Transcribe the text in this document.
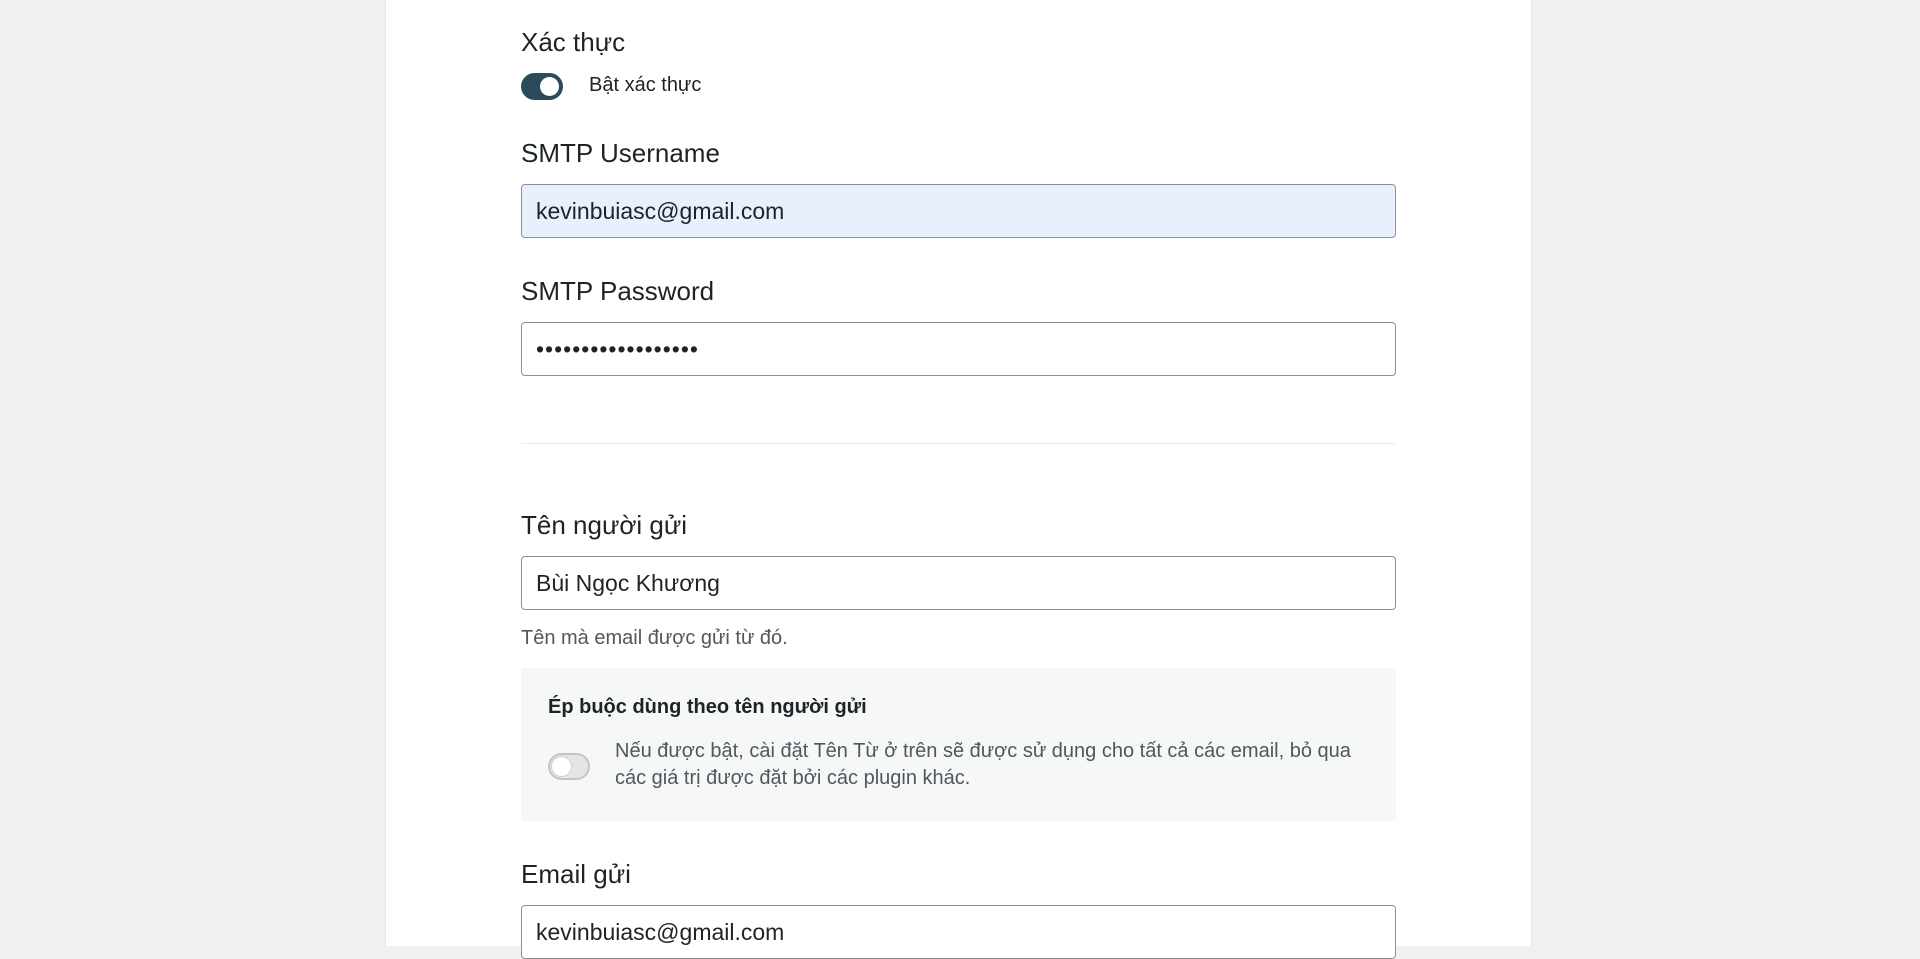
Xác thực
Bật xác thực
SMTP Username
kevinbuiasc@gmail.com
SMTP Password
••••••••••••••••••
Tên người gửi
Bùi Ngọc Khương
Tên mà email được gửi từ đó.
Ép buộc dùng theo tên người gửi
Nếu được bật, cài đặt Tên Từ ở trên sẽ được sử dụng cho tất cả các email, bỏ qua các giá trị được đặt bởi các plugin khác.
Email gửi
kevinbuiasc@gmail.com
